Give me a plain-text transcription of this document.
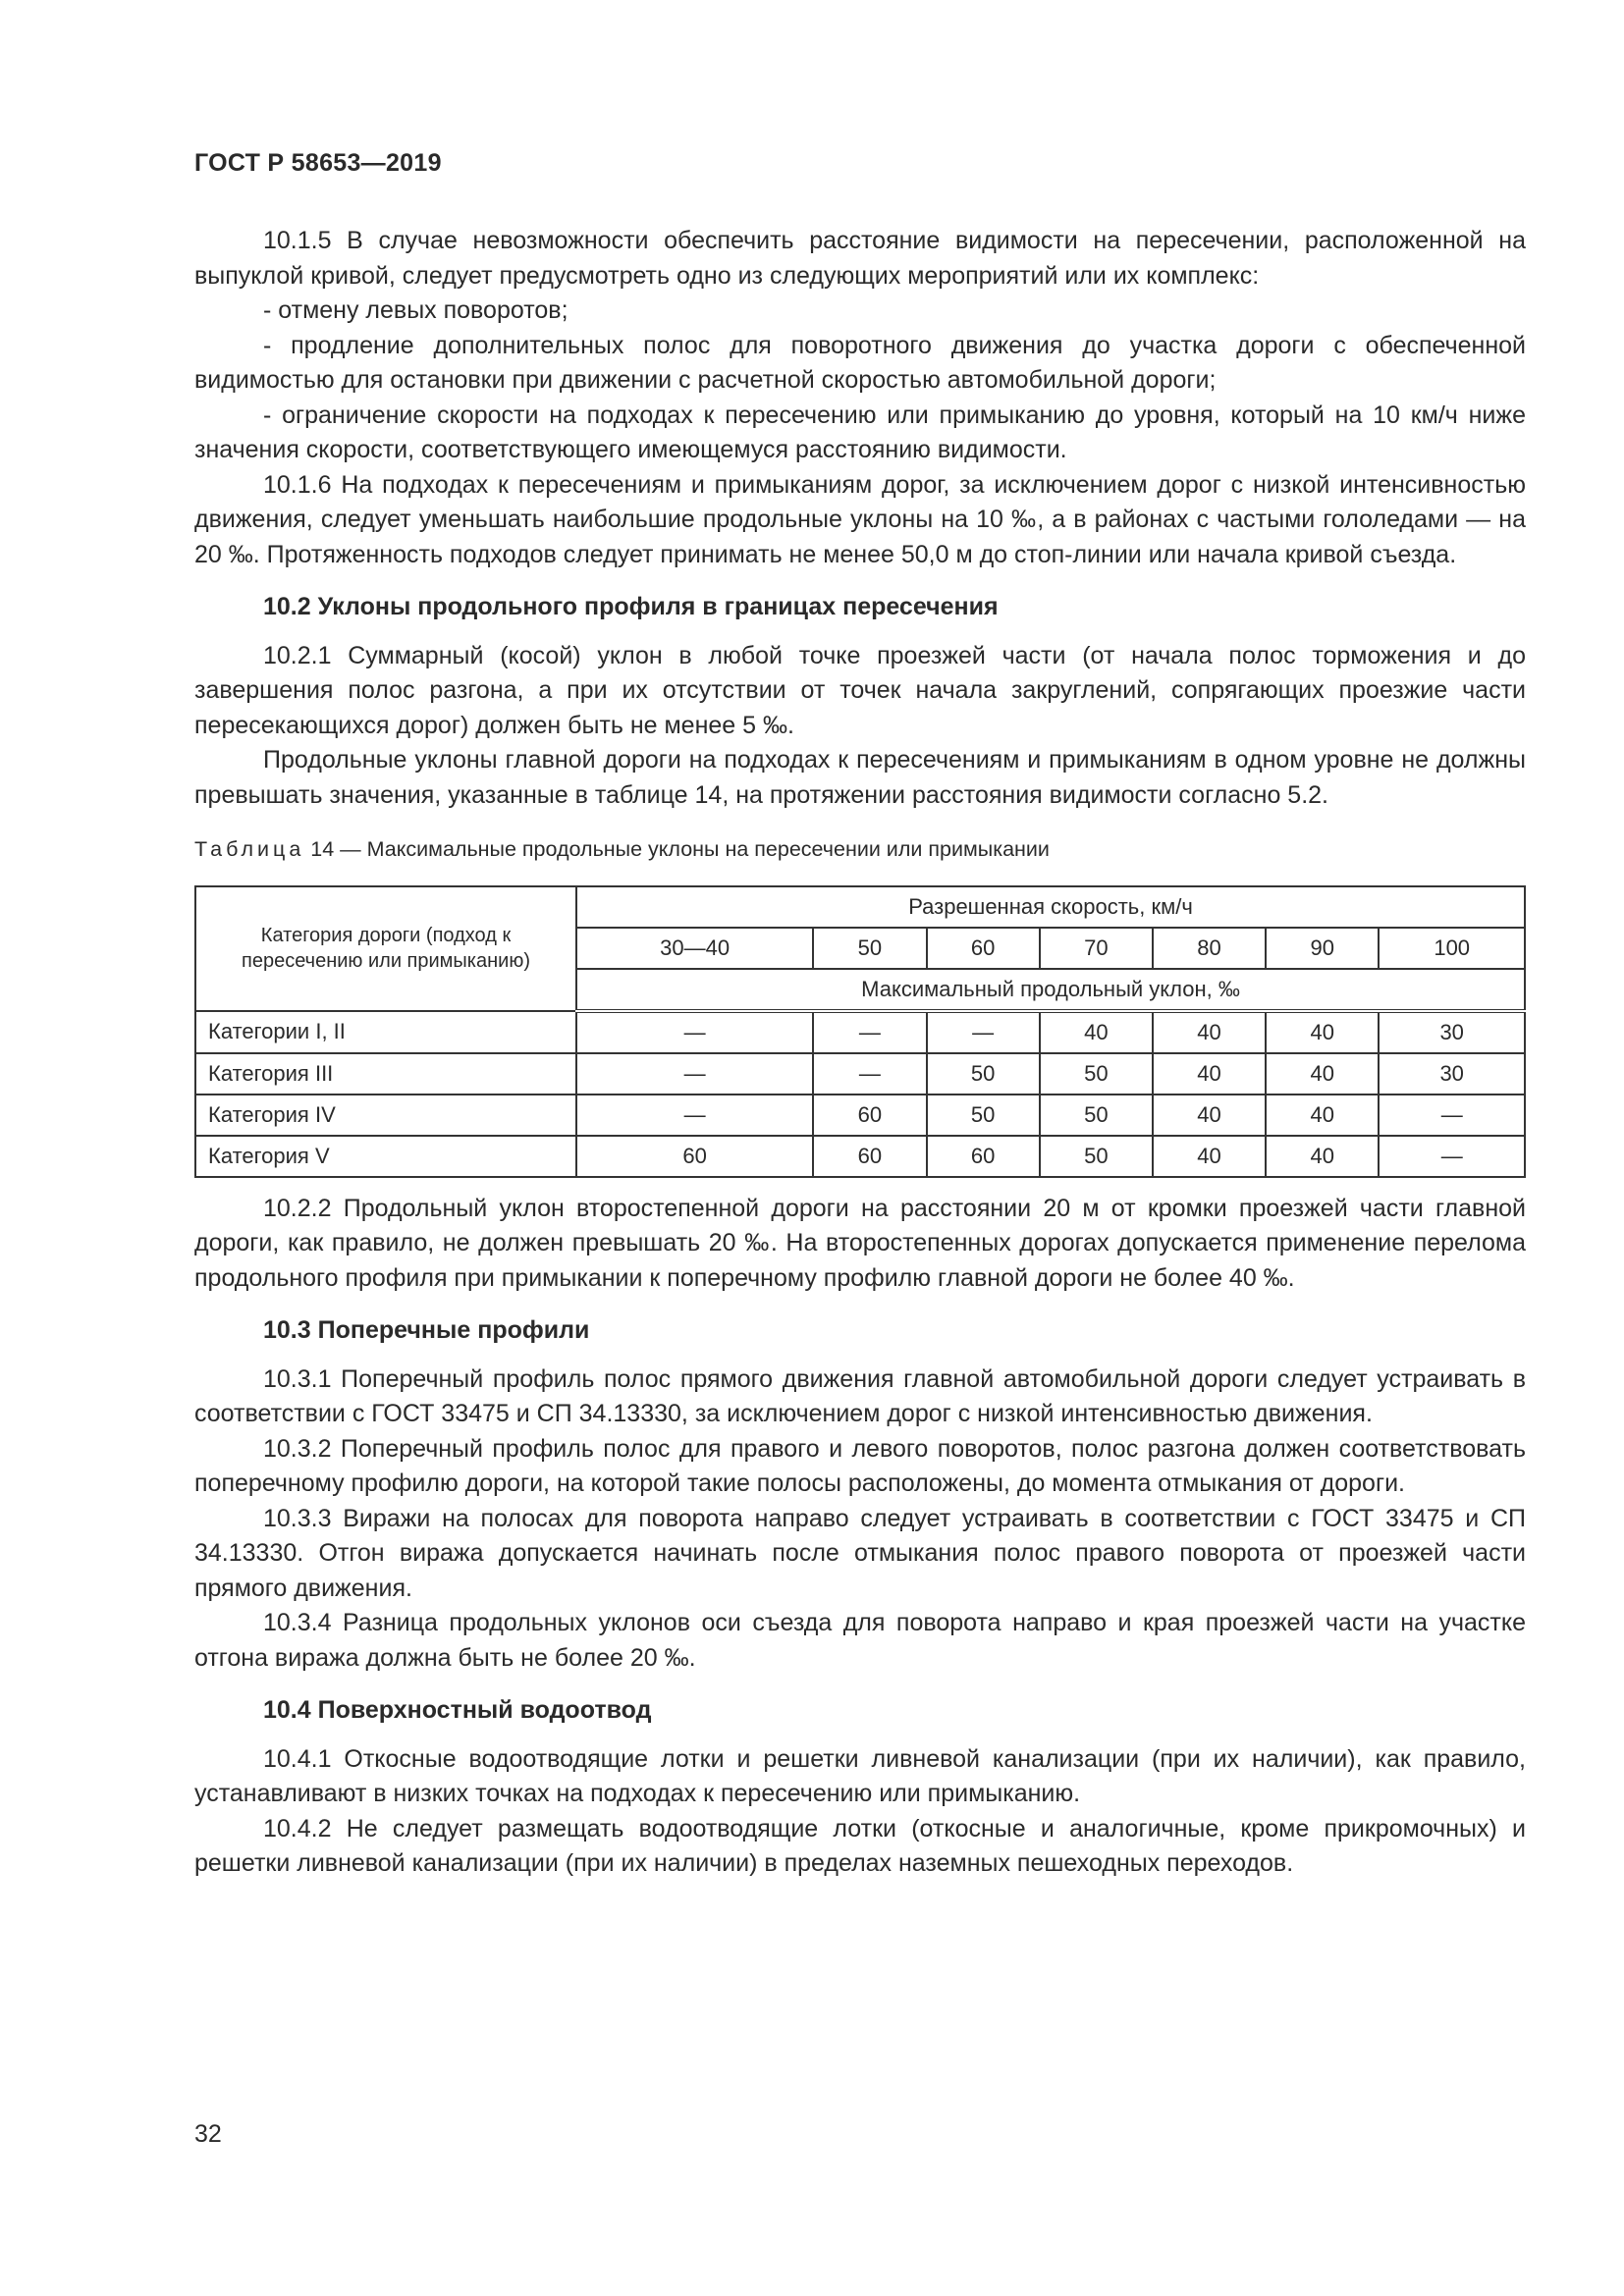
ГОСТ Р 58653—2019

10.1.5 В случае невозможности обеспечить расстояние видимости на пересечении, расположенной на выпуклой кривой, следует предусмотреть одно из следующих мероприятий или их комплекс:

- отмену левых поворотов;

- продление дополнительных полос для поворотного движения до участка дороги с обеспеченной видимостью для остановки при движении с расчетной скоростью автомобильной дороги;

- ограничение скорости на подходах к пересечению или примыканию до уровня, который на 10 км/ч ниже значения скорости, соответствующего имеющемуся расстоянию видимости.

10.1.6 На подходах к пересечениям и примыканиям дорог, за исключением дорог с низкой интенсивностью движения, следует уменьшать наибольшие продольные уклоны на 10 ‰, а в районах с частыми гололедами — на 20 ‰. Протяженность подходов следует принимать не менее 50,0 м до стоп-линии или начала кривой съезда.

10.2 Уклоны продольного профиля в границах пересечения

10.2.1 Суммарный (косой) уклон в любой точке проезжей части (от начала полос торможения и до завершения полос разгона, а при их отсутствии от точек начала закруглений, сопрягающих проезжие части пересекающихся дорог) должен быть не менее 5 ‰.

Продольные уклоны главной дороги на подходах к пересечениям и примыканиям в одном уровне не должны превышать значения, указанные в таблице 14, на протяжении расстояния видимости согласно 5.2.

Таблица 14 — Максимальные продольные уклоны на пересечении или примыкании

Категория дороги (подход к пересечению или примыканию)	Разрешенная скорость, км/ч						
	30—40	50	60	70	80	90	100
	Максимальный продольный уклон, ‰						
Категории I, II	—	—	—	40	40	40	30
Категория III	—	—	50	50	40	40	30
Категория IV	—	60	50	50	40	40	—
Категория V	60	60	60	50	40	40	—

10.2.2 Продольный уклон второстепенной дороги на расстоянии 20 м от кромки проезжей части главной дороги, как правило, не должен превышать 20 ‰. На второстепенных дорогах допускается применение перелома продольного профиля при примыкании к поперечному профилю главной дороги не более 40 ‰.

10.3 Поперечные профили

10.3.1 Поперечный профиль полос прямого движения главной автомобильной дороги следует устраивать в соответствии с ГОСТ 33475 и СП 34.13330, за исключением дорог с низкой интенсивностью движения.

10.3.2 Поперечный профиль полос для правого и левого поворотов, полос разгона должен соответствовать поперечному профилю дороги, на которой такие полосы расположены, до момента отмыкания от дороги.

10.3.3 Виражи на полосах для поворота направо следует устраивать в соответствии с ГОСТ 33475 и СП 34.13330. Отгон виража допускается начинать после отмыкания полос правого поворота от проезжей части прямого движения.

10.3.4 Разница продольных уклонов оси съезда для поворота направо и края проезжей части на участке отгона виража должна быть не более 20 ‰.

10.4 Поверхностный водоотвод

10.4.1 Откосные водоотводящие лотки и решетки ливневой канализации (при их наличии), как правило, устанавливают в низких точках на подходах к пересечению или примыканию.

10.4.2 Не следует размещать водоотводящие лотки (откосные и аналогичные, кроме прикромочных) и решетки ливневой канализации (при их наличии) в пределах наземных пешеходных переходов.

32
